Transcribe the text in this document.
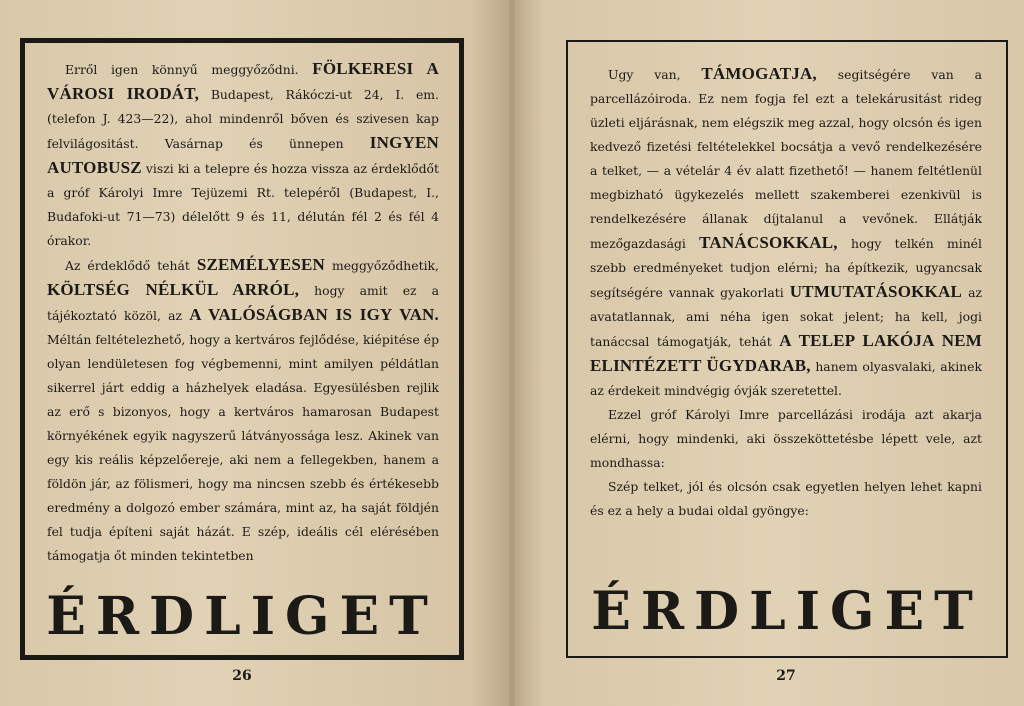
Erről igen könnyű meggyőződni. FÖLKERESI A VÁROSI IRODÁT, Budapest, Rákóczi-ut 24, I. em. (telefon J. 423—22), ahol mindenről bőven és szivesen kap felvilágositást. Vasárnap és ünnepen INGYEN AUTOBUSZ viszi ki a telepre és hozza vissza az érdeklődőt a gróf Károlyi Imre Tejüzemi Rt. telepéről (Budapest, I., Budafoki-ut 71—73) délelőtt 9 és 11, délután fél 2 és fél 4 órakor.

Az érdeklődő tehát SZEMÉLYESEN meggyőződhetik, KÖLTSÉG NÉLKÜL ARRÓL, hogy amit ez a tájékoztató közöl, az A VALÓSÁGBAN IS IGY VAN. Méltán feltételezhető, hogy a kertváros fejlődése, kiépitése ép olyan lendületesen fog végbemenni, mint amilyen példátlan sikerrel járt eddig a házhelyek eladása. Egyesülésben rejlik az erő s bizonyos, hogy a kertváros hamarosan Budapest környékének egyik nagyszerű látványossága lesz. Akinek van egy kis reális képzelőereje, aki nem a fellegekben, hanem a földön jár, az fölismeri, hogy ma nincsen szebb és értékesebb eredmény a dolgozó ember számára, mint az, ha saját földjén fel tudja építeni saját házát. E szép, ideális cél elérésében támogatja őt minden tekintetben

ÉRDLIGET
26

Ugy van, TÁMOGATJA, segitségére van a parcellázóiroda. Ez nem fogja fel ezt a telekárusitást rideg üzleti eljárásnak, nem elégszik meg azzal, hogy olcsón és igen kedvező fizetési feltételekkel bocsátja a vevő rendelkezésére a telket, — a vételár 4 év alatt fizethető! — hanem feltétlenül megbizható ügykezelés mellett szakemberei ezenkivül is rendelkezésére állanak díjtalanul a vevőnek. Ellátják mezőgazdasági TANÁCSOKKAL, hogy telkén minél szebb eredményeket tudjon elérni; ha építkezik, ugyancsak segítségére vannak gyakorlati UTMUTATÁSOKKAL az avatatlannak, ami néha igen sokat jelent; ha kell, jogi tanáccsal támogatják, tehát A TELEP LAKÓJA NEM ELINTÉZETT ÜGYDARAB, hanem olyasvalaki, akinek az érdekeit mindvégig óvják szeretettel.

Ezzel gróf Károlyi Imre parcellázási irodája azt akarja elérni, hogy mindenki, aki összeköttetésbe lépett vele, azt mondhassa:

Szép telket, jól és olcsón csak egyetlen helyen lehet kapni és ez a hely a budai oldal gyöngye:

ÉRDLIGET
27
